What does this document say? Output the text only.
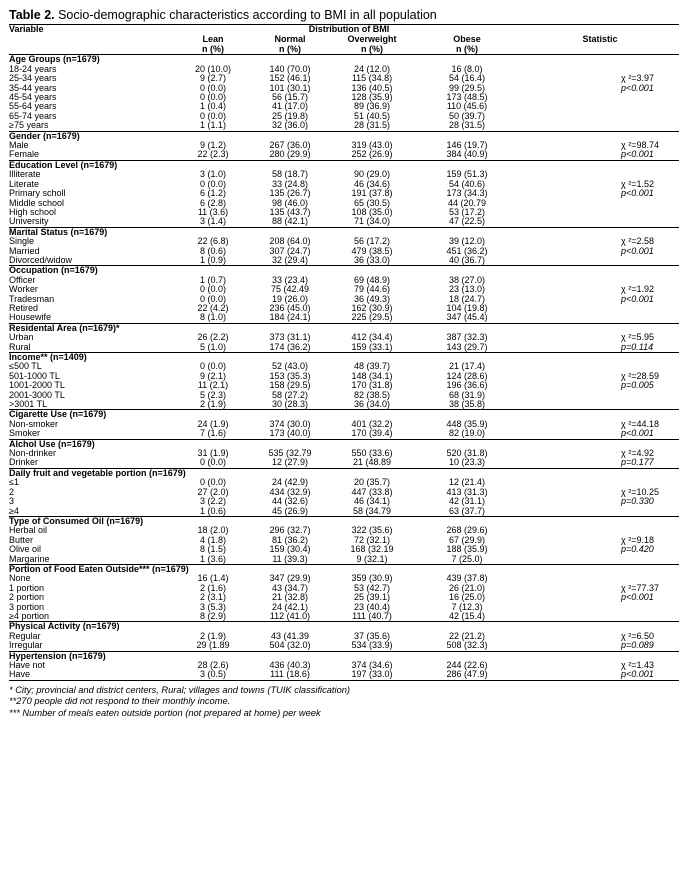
Table 2. Socio-demographic characteristics according to BMI in all population
Variable	Distribution of BMI				
	Lean	Normal	Overweight	Obese	Statistic
	n (%)	n (%)	n (%)	n (%)	
Age Groups (n=1679)					
18-24 years	20 (10.0)	140 (70.0)	24 (12.0)	16 (8.0)	
25-34 years	9 (2.7)	152 (46.1)	115 (34.8)	54 (16.4)	χ ²=3.97
35-44 years	0 (0.0)	101 (30.1)	136 (40.5)	99 (29.5)	p<0.001
45-54 years	0 (0.0)	56 (15.7)	128 (35.9)	173 (48.5)	
55-64 years	1 (0.4)	41 (17.0)	89 (36.9)	110 (45.6)	
65-74 years	0 (0.0)	25 (19.8)	51 (40.5)	50 (39.7)	
≥75 years	1 (1.1)	32 (36.0)	28 (31.5)	28 (31.5)	
Gender (n=1679)					
Male	9 (1.2)	267 (36.0)	319 (43.0)	146 (19.7)	χ ²=98.74
Female	22 (2.3)	280 (29.9)	252 (26.9)	384 (40.9)	p<0.001
Education Level (n=1679)					
Illiterate	3 (1.0)	58 (18.7)	90 (29.0)	159 (51.3)	
Literate	0 (0.0)	33 (24.8)	46 (34.6)	54 (40.6)	χ ²=1.52
Primary scholl	6 (1.2)	135 (26.7)	191 (37.8)	173 (34.3)	p<0.001
Middle school	6 (2.8)	98 (46.0)	65 (30.5)	44 (20.79	
High school	11 (3.6)	135 (43.7)	108 (35.0)	53 (17.2)	
University	3 (1.4)	88 (42.1)	71 (34.0)	47 (22.5)	
Marital Status (n=1679)					
Single	22 (6.8)	208 (64.0)	56 (17.2)	39 (12.0)	χ ²=2.58
Married	8 (0.6)	307 (24.7)	479 (38.5)	451 (36.2)	p<0.001
Divorced/widow	1 (0.9)	32 (29.4)	36 (33.0)	40 (36.7)	
Occupation (n=1679)					
Officer	1 (0.7)	33 (23.4)	69 (48.9)	38 (27.0)	
Worker	0 (0.0)	75 (42.49	79 (44.6)	23 (13.0)	χ ²=1.92
Tradesman	0 (0.0)	19 (26.0)	36 (49.3)	18 (24.7)	p<0.001
Retired	22 (4.2)	236 (45.0)	162 (30.9)	104 (19.8)	
Housewife	8 (1.0)	184 (24.1)	225 (29.5)	347 (45.4)	
Residental Area (n=1679)*					
Urban	26 (2.2)	373 (31.1)	412 (34.4)	387 (32.3)	χ ²=5.95
Rural	5 (1.0)	174 (36.2)	159 (33.1)	143 (29.7)	p=0.114
Income** (n=1409)					
≤500 TL	0 (0.0)	52 (43.0)	48 (39.7)	21 (17.4)	
501-1000 TL	9 (2.1)	153 (35.3)	148 (34.1)	124 (28.6)	χ ²=28.59
1001-2000 TL	11 (2.1)	158 (29.5)	170 (31.8)	196 (36.6)	p=0.005
2001-3000 TL	5 (2.3)	58 (27.2)	82 (38.5)	68 (31.9)	
>3001 TL	2 (1.9)	30 (28.3)	36 (34.0)	38 (35.8)	
Cigarette Use (n=1679)					
Non-smoker	24 (1.9)	374 (30.0)	401 (32.2)	448 (35.9)	χ ²=44.18
Smoker	7 (1.6)	173 (40.0)	170 (39.4)	82 (19.0)	p<0.001
Alchol Use (n=1679)					
Non-drinker	31 (1.9)	535 (32.79	550 (33.6)	520 (31.8)	χ ²=4.92
Drinker	0 (0.0)	12 (27.9)	21 (48.89	10 (23.3)	p=0.177
Daily fruit and vegetable portion (n=1679)					
≤1	0 (0.0)	24 (42.9)	20 (35.7)	12 (21.4)	
2	27 (2.0)	434 (32.9)	447 (33.8)	413 (31.3)	χ ²=10.25
3	3 (2.2)	44 (32.6)	46 (34.1)	42 (31.1)	p=0.330
≥4	1 (0.6)	45 (26.9)	58 (34.79	63 (37.7)	
Type of Consumed Oil (n=1679)					
Herbal oil	18 (2.0)	296 (32.7)	322 (35.6)	268 (29.6)	
Butter	4 (1.8)	81 (36.2)	72 (32.1)	67 (29.9)	χ ²=9.18
Olive oil	8 (1.5)	159 (30.4)	168 (32.19	188 (35.9)	p=0.420
Margarine	1 (3.6)	11 (39.3)	9 (32.1)	7 (25.0)	
Portion of Food Eaten Outside*** (n=1679)					
None	16 (1.4)	347 (29.9)	359 (30.9)	439 (37.8)	
1 portion	2 (1.6)	43 (34.7)	53 (42.7)	26 (21.0)	χ ²=77.37
2 portion	2 (3.1)	21 (32.8)	25 (39.1)	16 (25.0)	p<0.001
3 portion	3 (5.3)	24 (42.1)	23 (40.4)	7 (12.3)	
≥4 portion	8 (2.9)	112 (41.0)	111 (40.7)	42 (15.4)	
Physical Activity (n=1679)					
Regular	2 (1.9)	43 (41.39	37 (35.6)	22 (21.2)	χ ²=6.50
Irregular	29 (1.89	504 (32.0)	534 (33.9)	508 (32.3)	p=0.089
Hypertension (n=1679)					
Have not	28 (2.6)	436 (40.3)	374 (34.6)	244 (22.6)	χ ²=1.43
Have	3 (0.5)	111 (18.6)	197 (33.0)	286 (47.9)	p<0.001
* City; provincial and district centers, Rural; villages and towns (TUIK classification)
**270 people did not respond to their monthly income.
*** Number of meals eaten outside portion (not prepared at home) per week
